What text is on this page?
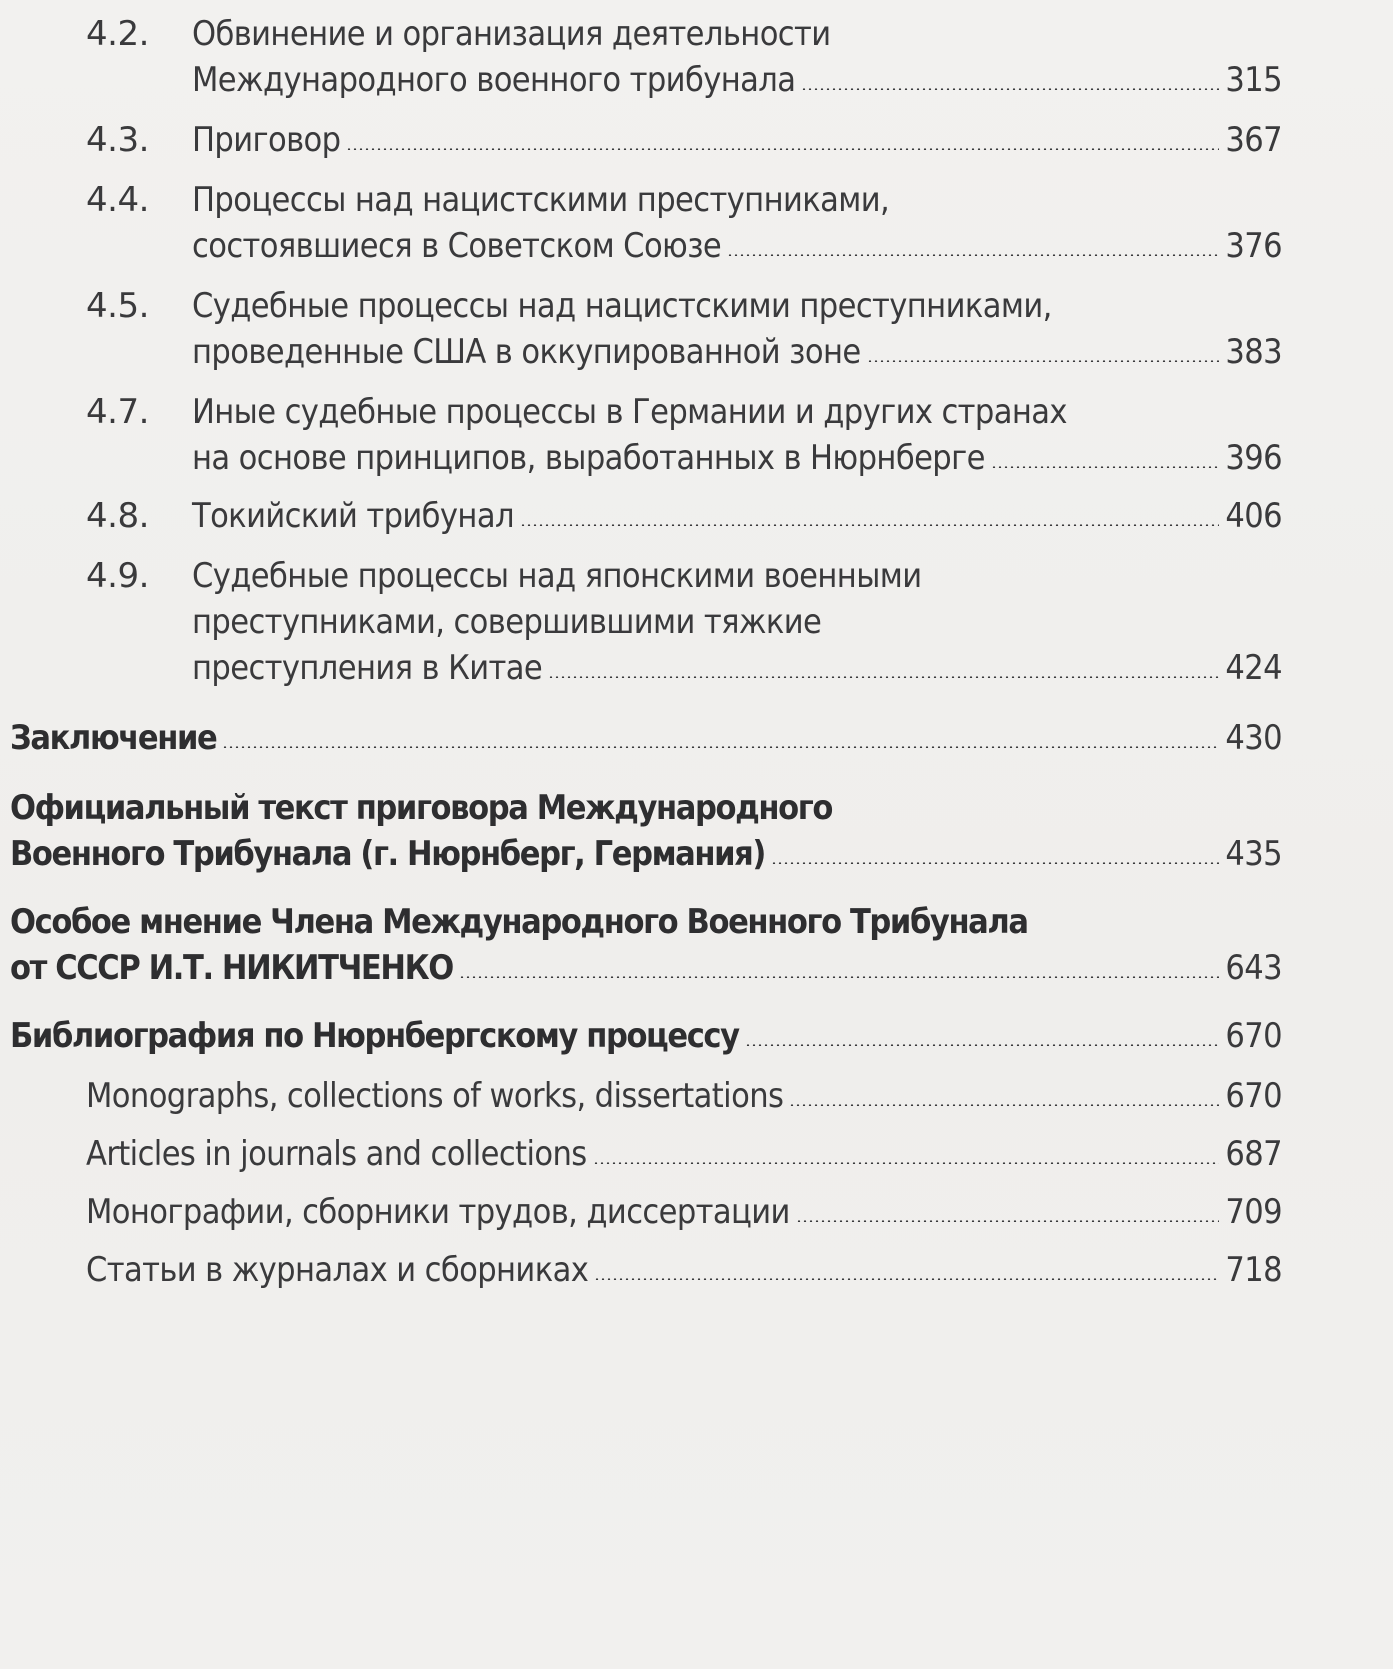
4.2. Обвинение и организация деятельности
Международного военного трибунала	315
4.3. Приговор	367
4.4. Процессы над нацистскими преступниками,
состоявшиеся в Советском Союзе	376
4.5. Судебные процессы над нацистскими преступниками,
проведенные США в оккупированной зоне	383
4.7. Иные судебные процессы в Германии и других странах
на основе принципов, выработанных в Нюрнберге	396
4.8. Токийский трибунал	406
4.9. Судебные процессы над японскими военными
преступниками, совершившими тяжкие
преступления в Китае	424
Заключение	430
Официальный текст приговора Международного
Военного Трибунала (г. Нюрнберг, Германия)	435
Особое мнение Члена Международного Военного Трибунала
от СССР И.Т. НИКИТЧЕНКО	643
Библиография по Нюрнбергскому процессу	670
Monographs, collections of works, dissertations	670
Articles in journals and collections	687
Монографии, сборники трудов, диссертации	709
Статьи в журналах и сборниках	718
